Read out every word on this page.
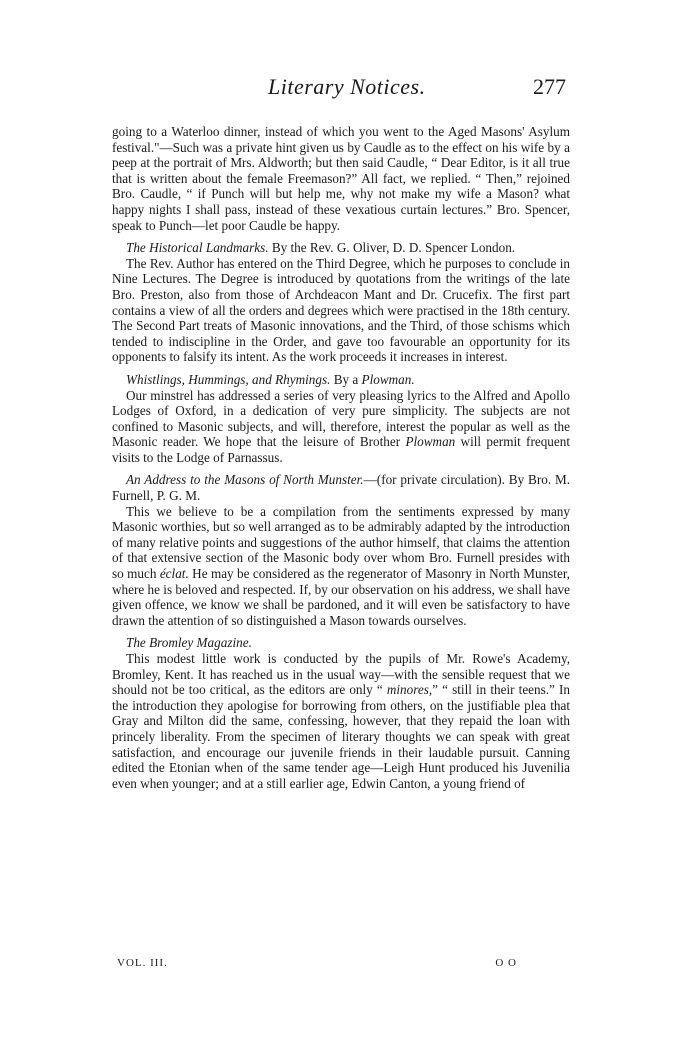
Literary Notices.	277

going to a Waterloo dinner, instead of which you went to the Aged Masons' Asylum festival."—Such was a private hint given us by Caudle as to the effect on his wife by a peep at the portrait of Mrs. Aldworth; but then said Caudle, “ Dear Editor, is it all true that is written about the female Freemason?” All fact, we replied. “ Then,” rejoined Bro. Caudle, “ if Punch will but help me, why not make my wife a Mason? what happy nights I shall pass, instead of these vexatious curtain lectures.” Bro. Spencer, speak to Punch—let poor Caudle be happy.

The Historical Landmarks. By the Rev. G. Oliver, D. D. Spencer London.

The Rev. Author has entered on the Third Degree, which he purposes to conclude in Nine Lectures. The Degree is introduced by quotations from the writings of the late Bro. Preston, also from those of Archdeacon Mant and Dr. Crucefix. The first part contains a view of all the orders and degrees which were practised in the 18th century. The Second Part treats of Masonic innovations, and the Third, of those schisms which tended to indiscipline in the Order, and gave too favourable an opportunity for its opponents to falsify its intent. As the work proceeds it increases in interest.

Whistlings, Hummings, and Rhymings. By a Plowman.

Our minstrel has addressed a series of very pleasing lyrics to the Alfred and Apollo Lodges of Oxford, in a dedication of very pure simplicity. The subjects are not confined to Masonic subjects, and will, therefore, interest the popular as well as the Masonic reader. We hope that the leisure of Brother Plowman will permit frequent visits to the Lodge of Parnassus.

An Address to the Masons of North Munster.—(for private circulation). By Bro. M. Furnell, P. G. M.

This we believe to be a compilation from the sentiments expressed by many Masonic worthies, but so well arranged as to be admirably adapted by the introduction of many relative points and suggestions of the author himself, that claims the attention of that extensive section of the Masonic body over whom Bro. Furnell presides with so much éclat. He may be considered as the regenerator of Masonry in North Munster, where he is beloved and respected. If, by our observation on his address, we shall have given offence, we know we shall be pardoned, and it will even be satisfactory to have drawn the attention of so distinguished a Mason towards ourselves.

The Bromley Magazine.

This modest little work is conducted by the pupils of Mr. Rowe's Academy, Bromley, Kent. It has reached us in the usual way—with the sensible request that we should not be too critical, as the editors are only “ minores,” “ still in their teens.” In the introduction they apologise for borrowing from others, on the justifiable plea that Gray and Milton did the same, confessing, however, that they repaid the loan with princely liberality. From the specimen of literary thoughts we can speak with great satisfaction, and encourage our juvenile friends in their laudable pursuit. Canning edited the Etonian when of the same tender age—Leigh Hunt produced his Juvenilia even when younger; and at a still earlier age, Edwin Canton, a young friend of

VOL. III.	O O
